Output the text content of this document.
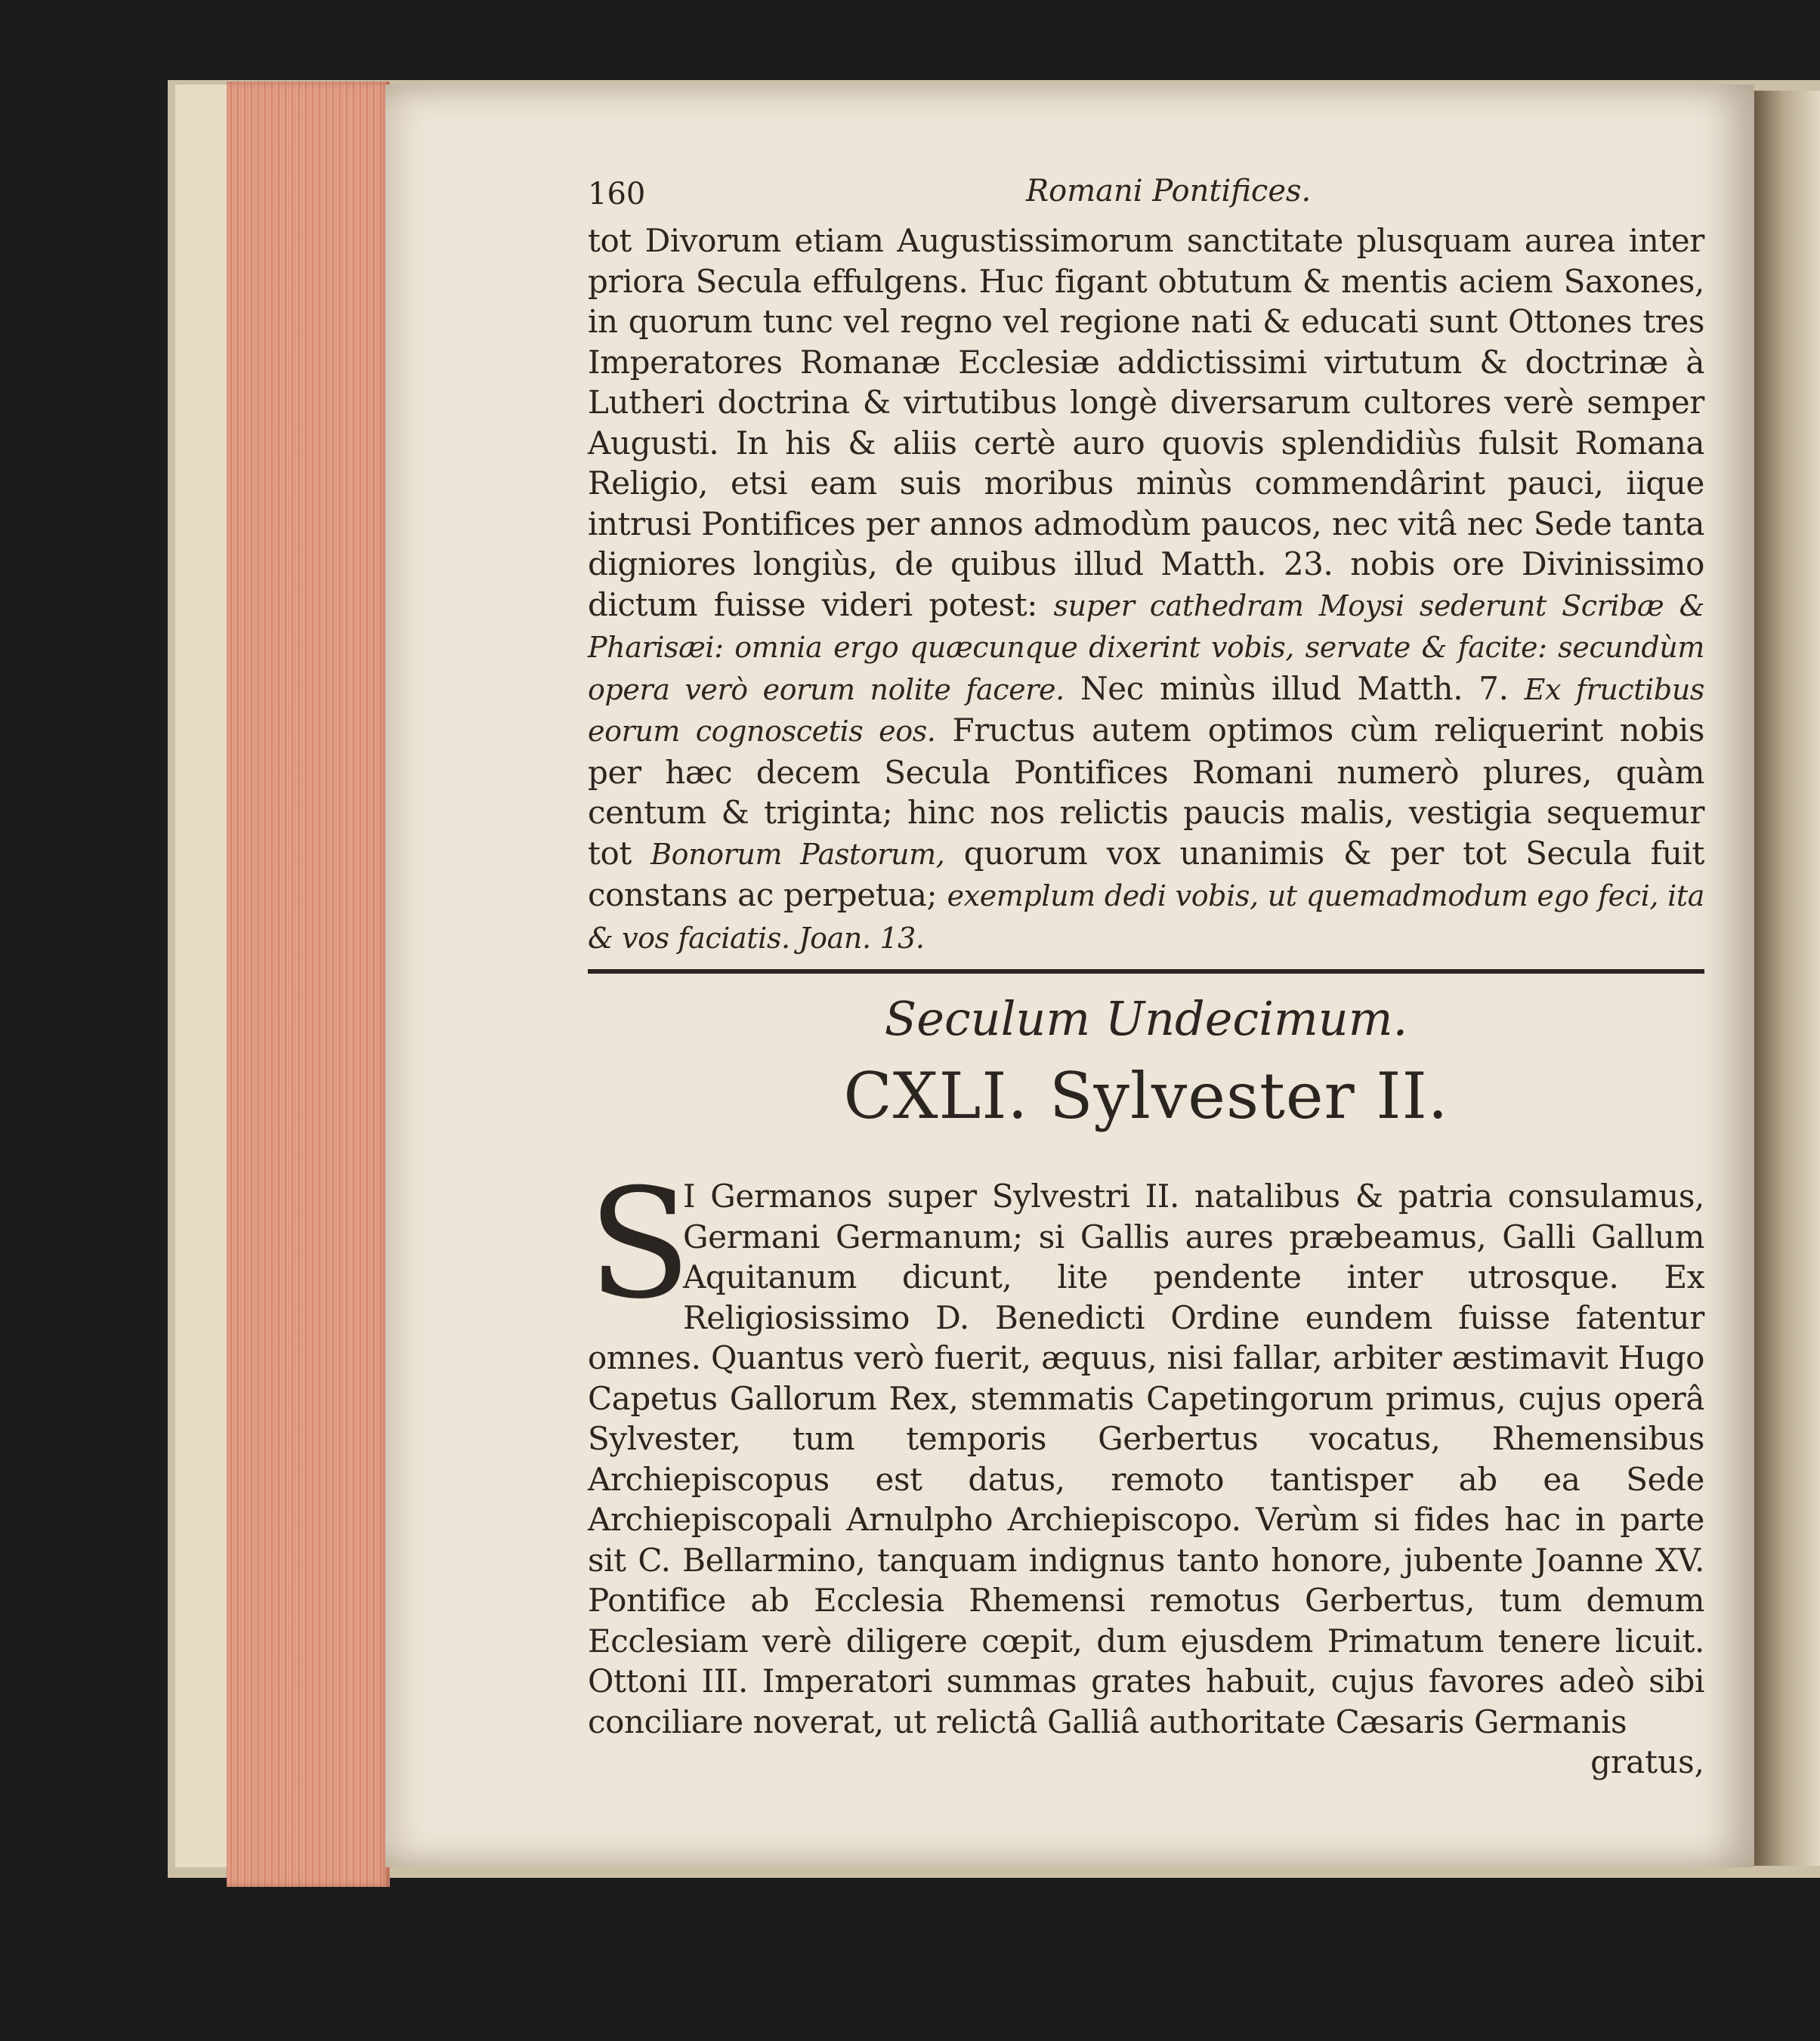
160	Romani Pontifices.

tot Divorum etiam Augustissimorum sanctitate plusquam aurea inter priora Secula effulgens. Huc figant obtutum & mentis aciem Saxones, in quorum tunc vel regno vel regione nati & educati sunt Ottones tres Imperatores Romanæ Ecclesiæ addictissimi virtutum & doctrinæ à Lutheri doctrina & virtutibus longè diversarum cultores verè semper Augusti. In his & aliis certè auro quovis splendidiùs fulsit Romana Religio, etsi eam suis moribus minùs commendârint pauci, iique intrusi Pontifices per annos admodùm paucos, nec vitâ nec Sede tanta digniores longiùs, de quibus illud Matth. 23. nobis ore Divinissimo dictum fuisse videri potest: super cathedram Moysi sederunt Scribæ & Pharisæi: omnia ergo quæcunque dixerint vobis, servate & facite: secundùm opera verò eorum nolite facere. Nec minùs illud Matth. 7. Ex fructibus eorum cognoscetis eos. Fructus autem optimos cùm reliquerint nobis per hæc decem Secula Pontifices Romani numerò plures, quàm centum & triginta; hinc nos relictis paucis malis, vestigia sequemur tot Bonorum Pastorum, quorum vox unanimis & per tot Secula fuit constans ac perpetua; exemplum dedi vobis, ut quemadmodum ego feci, ita & vos faciatis. Joan. 13.

Seculum Undecimum.
CXLI. Sylvester II.

S
I Germanos super Sylvestri II. natalibus & patria consulamus, Germani Germanum; si Gallis aures præbeamus, Galli Gallum Aquitanum dicunt, lite pendente inter utrosque. Ex Religiosissimo D. Benedicti Ordine eundem fuisse fatentur omnes. Quantus verò fuerit, æquus, nisi fallar, arbiter æstimavit Hugo Capetus Gallorum Rex, stemmatis Capetingorum primus, cujus operâ Sylvester, tum temporis Gerbertus vocatus, Rhemensibus Archiepiscopus est datus, remoto tantisper ab ea Sede Archiepiscopali Arnulpho Archiepiscopo. Verùm si fides hac in parte sit C. Bellarmino, tanquam indignus tanto honore, jubente Joanne XV. Pontifice ab Ecclesia Rhemensi remotus Gerbertus, tum demum Ecclesiam verè diligere cœpit, dum ejusdem Primatum tenere licuit. Ottoni III. Imperatori summas grates habuit, cujus favores adeò sibi conciliare noverat, ut relictâ Galliâ authoritate Cæsaris Germanis

gratus,
